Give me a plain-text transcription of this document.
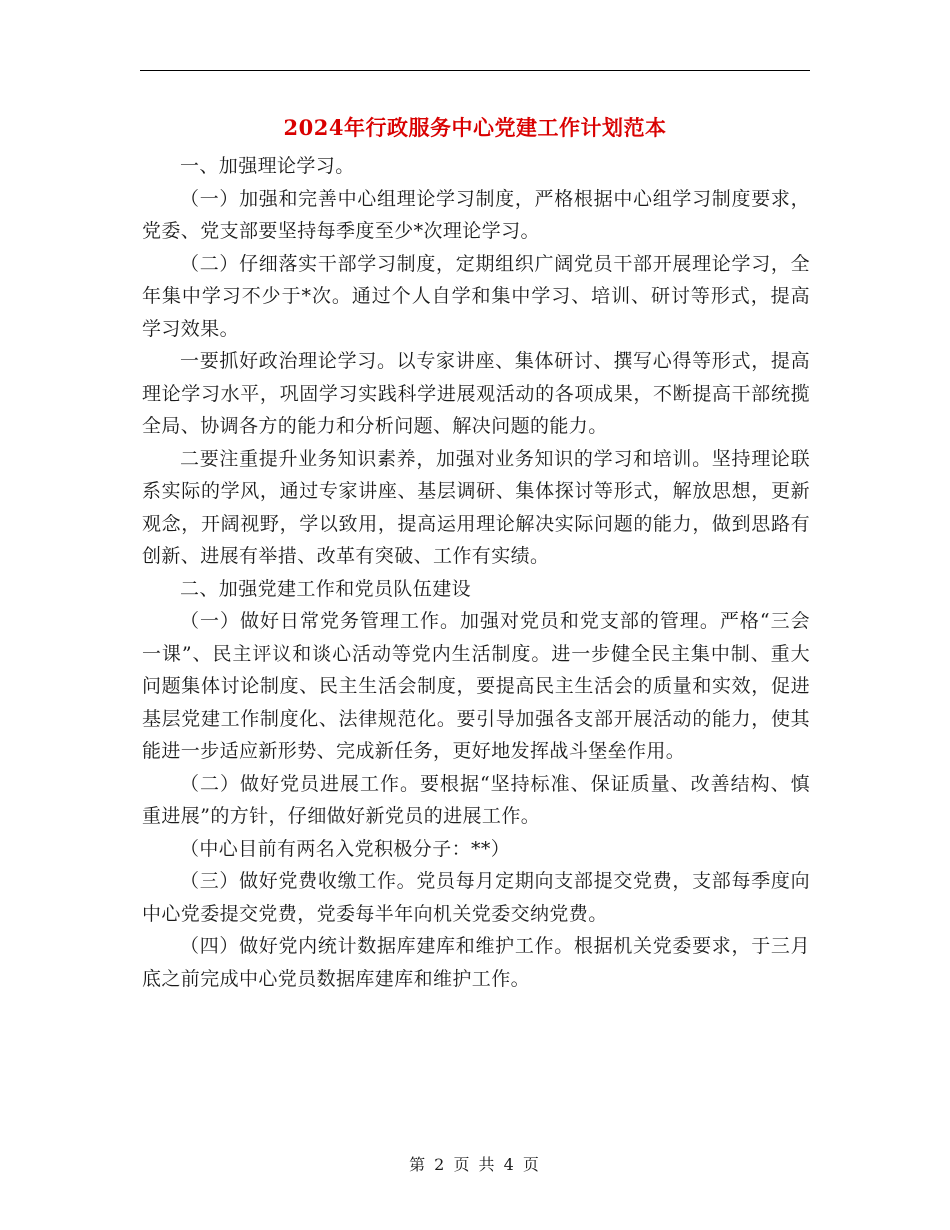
2024年行政服务中心党建工作计划范本

一、加强理论学习。

（一）加强和完善中心组理论学习制度，严格根据中心组学习制度要求，党委、党支部要坚持每季度至少*次理论学习。

（二）仔细落实干部学习制度，定期组织广阔党员干部开展理论学习，全年集中学习不少于*次。通过个人自学和集中学习、培训、研讨等形式，提高学习效果。

一要抓好政治理论学习。以专家讲座、集体研讨、撰写心得等形式，提高理论学习水平，巩固学习实践科学进展观活动的各项成果，不断提高干部统揽全局、协调各方的能力和分析问题、解决问题的能力。

二要注重提升业务知识素养，加强对业务知识的学习和培训。坚持理论联系实际的学风，通过专家讲座、基层调研、集体探讨等形式，解放思想，更新观念，开阔视野，学以致用，提高运用理论解决实际问题的能力，做到思路有创新、进展有举措、改革有突破、工作有实绩。

二、加强党建工作和党员队伍建设

（一）做好日常党务管理工作。加强对党员和党支部的管理。严格“三会一课”、民主评议和谈心活动等党内生活制度。进一步健全民主集中制、重大问题集体讨论制度、民主生活会制度，要提高民主生活会的质量和实效，促进基层党建工作制度化、法律规范化。要引导加强各支部开展活动的能力，使其能进一步适应新形势、完成新任务，更好地发挥战斗堡垒作用。

（二）做好党员进展工作。要根据“坚持标准、保证质量、改善结构、慎重进展”的方针，仔细做好新党员的进展工作。

（中心目前有两名入党积极分子：**）

（三）做好党费收缴工作。党员每月定期向支部提交党费，支部每季度向中心党委提交党费，党委每半年向机关党委交纳党费。

（四）做好党内统计数据库建库和维护工作。根据机关党委要求，于三月底之前完成中心党员数据库建库和维护工作。

第 2 页 共 4 页
